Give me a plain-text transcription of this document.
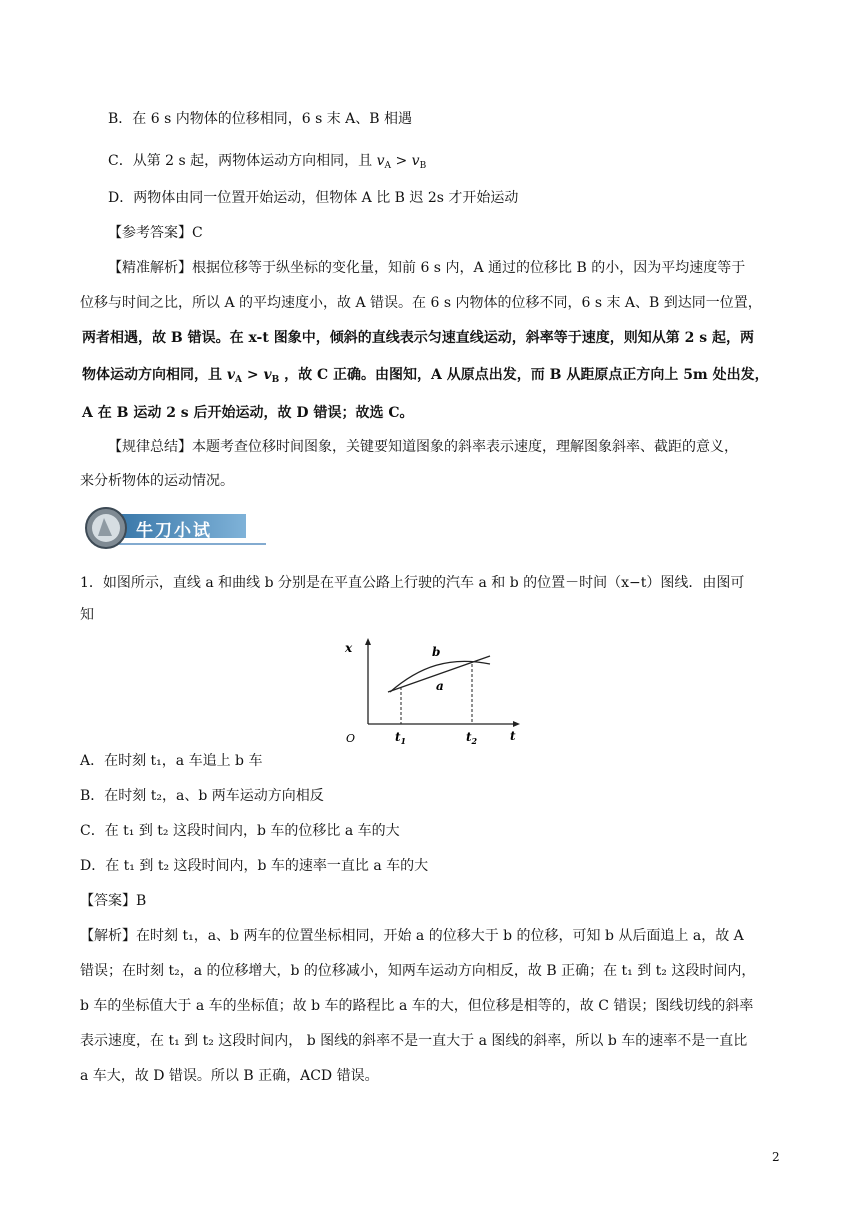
B．在 6 s 内物体的位移相同，6 s 末 A、B 相遇
C．从第 2 s 起，两物体运动方向相同，且 $v_A > v_B$
D．两物体由同一位置开始运动，但物体 A 比 B 迟 2s 才开始运动
【参考答案】C
【精准解析】根据位移等于纵坐标的变化量，知前 6 s 内，A 通过的位移比 B 的小，因为平均速度等于
位移与时间之比，所以 A 的平均速度小，故 A 错误。在 6 s 内物体的位移不同，6 s 末 A、B 到达同一位置，
两者相遇，故 B 错误。在 x-t 图象中，倾斜的直线表示匀速直线运动，斜率等于速度，则知从第 2 s 起，两
物体运动方向相同，且 $v_A > v_B$ ，故 C 正确。由图知，A 从原点出发，而 B 从距原点正方向上 5m 处出发，
A 在 B 运动 2 s 后开始运动，故 D 错误；故选 C。
【规律总结】本题考查位移时间图象，关键要知道图象的斜率表示速度，理解图象斜率、截距的意义，
来分析物体的运动情况。
牛刀小试
1．如图所示，直线 a 和曲线 b 分别是在平直公路上行驶的汽车 a 和 b 的位置－时间（x−t）图线．由图可
知
x
t
O
b
a
$t_1$	$t_2$
A．在时刻 t₁，a 车追上 b 车
B．在时刻 t₂，a、b 两车运动方向相反
C．在 t₁ 到 t₂ 这段时间内，b 车的位移比 a 车的大
D．在 t₁ 到 t₂ 这段时间内，b 车的速率一直比 a 车的大
【答案】B
【解析】在时刻 t₁，a、b 两车的位置坐标相同，开始 a 的位移大于 b 的位移，可知 b 从后面追上 a，故 A
错误；在时刻 t₂，a 的位移增大，b 的位移减小，知两车运动方向相反，故 B 正确；在 t₁ 到 t₂ 这段时间内，
b 车的坐标值大于 a 车的坐标值；故 b 车的路程比 a 车的大，但位移是相等的，故 C 错误；图线切线的斜率
表示速度，在 t₁ 到 t₂ 这段时间内， b 图线的斜率不是一直大于 a 图线的斜率，所以 b 车的速率不是一直比
a 车大，故 D 错误。所以 B 正确，ACD 错误。
2
